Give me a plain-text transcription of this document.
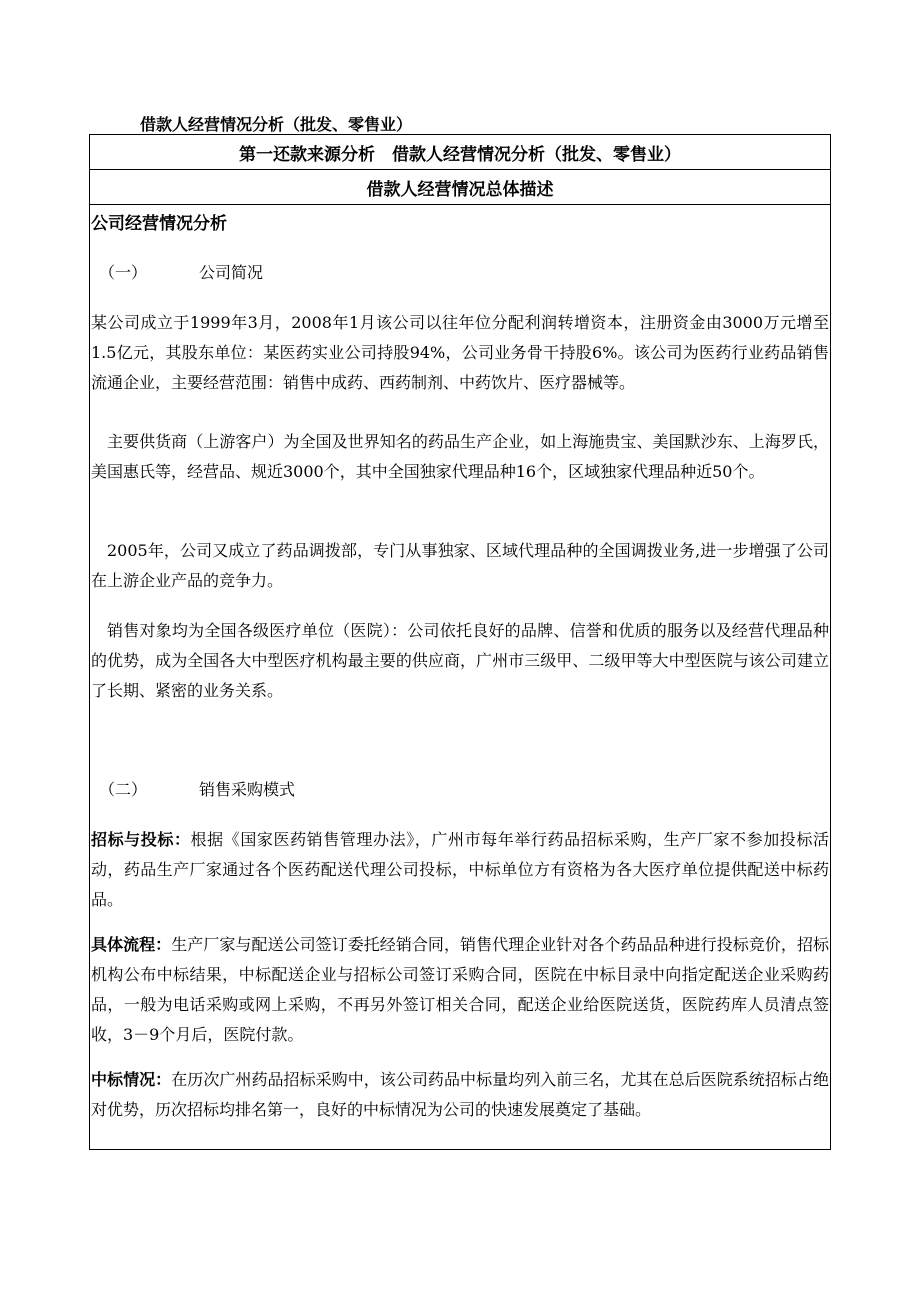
借款人经营情况分析（批发、零售业）
第一还款来源分析　借款人经营情况分析（批发、零售业）
借款人经营情况总体描述
公司经营情况分析
（一）	公司简况

某公司成立于1999年3月，2008年1月该公司以往年位分配利润转增资本，注册资金由3000万元增至1.5亿元，其股东单位：某医药实业公司持股94%，公司业务骨干持股6%。该公司为医药行业药品销售流通企业，主要经营范围：销售中成药、西药制剂、中药饮片、医疗器械等。

主要供货商（上游客户）为全国及世界知名的药品生产企业，如上海施贵宝、美国默沙东、上海罗氏，美国惠氏等，经营品、规近3000个，其中全国独家代理品种16个，区域独家代理品种近50个。

2005年，公司又成立了药品调拨部，专门从事独家、区域代理品种的全国调拨业务,进一步增强了公司在上游企业产品的竞争力。

销售对象均为全国各级医疗单位（医院）：公司依托良好的品牌、信誉和优质的服务以及经营代理品种的优势，成为全国各大中型医疗机构最主要的供应商，广州市三级甲、二级甲等大中型医院与该公司建立了长期、紧密的业务关系。

（二）	销售采购模式

招标与投标：根据《国家医药销售管理办法》，广州市每年举行药品招标采购，生产厂家不参加投标活动，药品生产厂家通过各个医药配送代理公司投标，中标单位方有资格为各大医疗单位提供配送中标药品。

具体流程：生产厂家与配送公司签订委托经销合同，销售代理企业针对各个药品品种进行投标竞价，招标机构公布中标结果，中标配送企业与招标公司签订采购合同，医院在中标目录中向指定配送企业采购药品，一般为电话采购或网上采购，不再另外签订相关合同，配送企业给医院送货，医院药库人员清点签收，3－9个月后，医院付款。

中标情况：在历次广州药品招标采购中，该公司药品中标量均列入前三名，尤其在总后医院系统招标占绝对优势，历次招标均排名第一，良好的中标情况为公司的快速发展奠定了基础。
